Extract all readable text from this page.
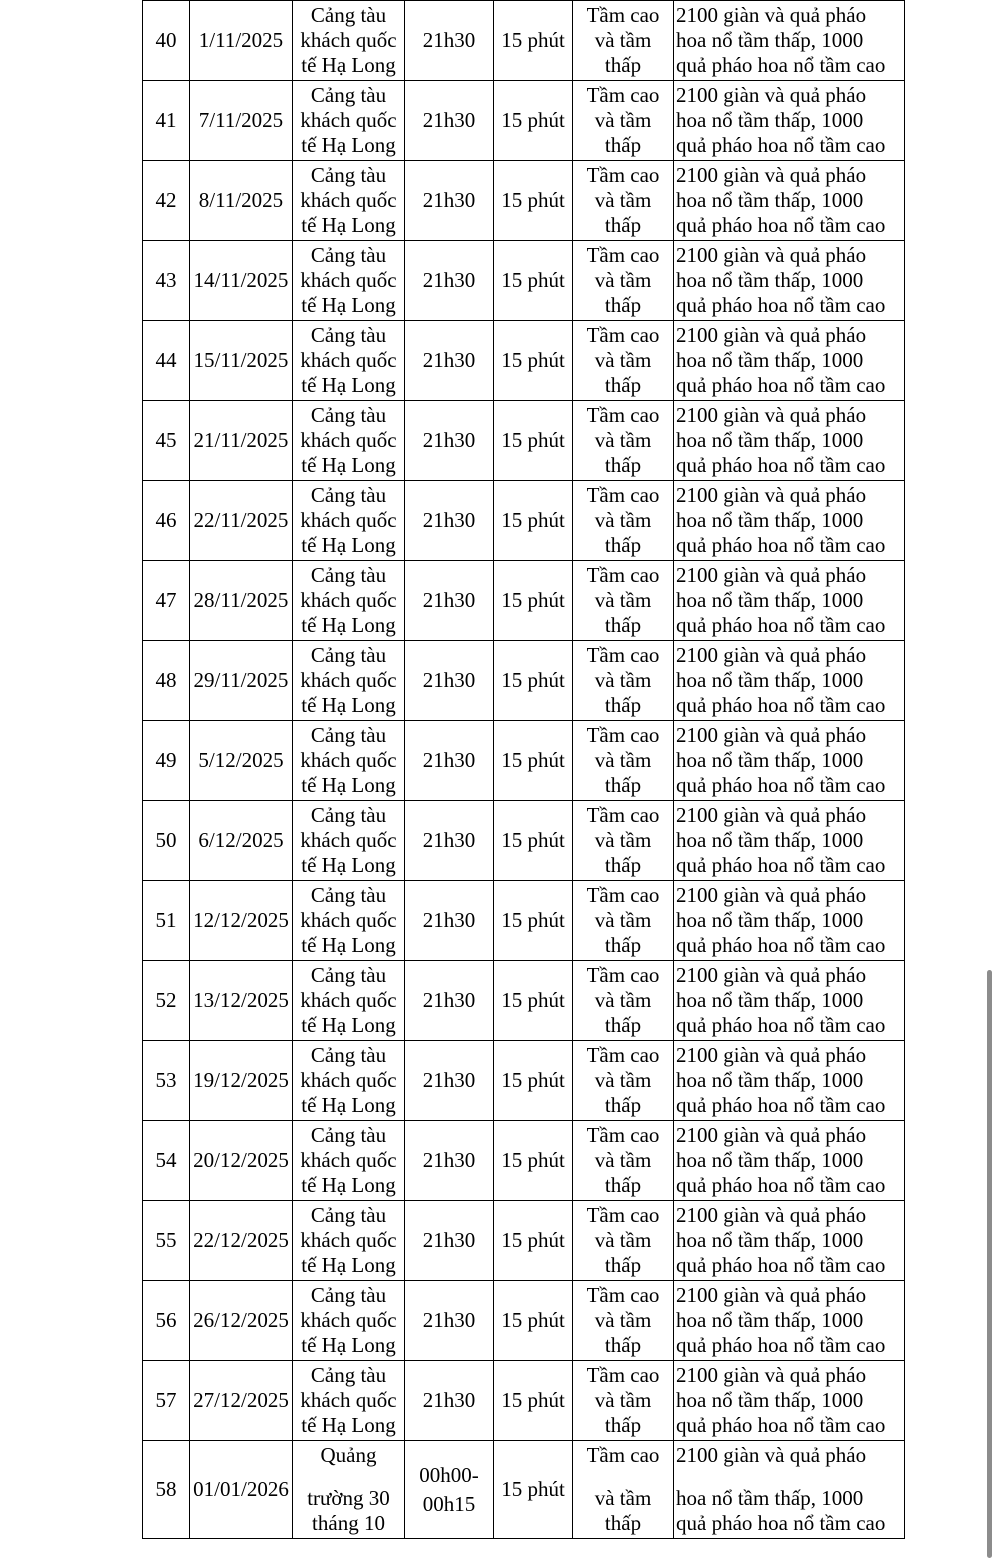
40	1/11/2025	Cảng tàu
khách quốc
tế Hạ Long	21h30	15 phút	Tầm cao
và tầm
thấp	2100 giàn và quả pháo
hoa nổ tầm thấp, 1000
quả pháo hoa nổ tầm cao

41	7/11/2025	Cảng tàu
khách quốc
tế Hạ Long	21h30	15 phút	Tầm cao
và tầm
thấp	2100 giàn và quả pháo
hoa nổ tầm thấp, 1000
quả pháo hoa nổ tầm cao

42	8/11/2025	Cảng tàu
khách quốc
tế Hạ Long	21h30	15 phút	Tầm cao
và tầm
thấp	2100 giàn và quả pháo
hoa nổ tầm thấp, 1000
quả pháo hoa nổ tầm cao

43	14/11/2025	Cảng tàu
khách quốc
tế Hạ Long	21h30	15 phút	Tầm cao
và tầm
thấp	2100 giàn và quả pháo
hoa nổ tầm thấp, 1000
quả pháo hoa nổ tầm cao

44	15/11/2025	Cảng tàu
khách quốc
tế Hạ Long	21h30	15 phút	Tầm cao
và tầm
thấp	2100 giàn và quả pháo
hoa nổ tầm thấp, 1000
quả pháo hoa nổ tầm cao

45	21/11/2025	Cảng tàu
khách quốc
tế Hạ Long	21h30	15 phút	Tầm cao
và tầm
thấp	2100 giàn và quả pháo
hoa nổ tầm thấp, 1000
quả pháo hoa nổ tầm cao

46	22/11/2025	Cảng tàu
khách quốc
tế Hạ Long	21h30	15 phút	Tầm cao
và tầm
thấp	2100 giàn và quả pháo
hoa nổ tầm thấp, 1000
quả pháo hoa nổ tầm cao

47	28/11/2025	Cảng tàu
khách quốc
tế Hạ Long	21h30	15 phút	Tầm cao
và tầm
thấp	2100 giàn và quả pháo
hoa nổ tầm thấp, 1000
quả pháo hoa nổ tầm cao

48	29/11/2025	Cảng tàu
khách quốc
tế Hạ Long	21h30	15 phút	Tầm cao
và tầm
thấp	2100 giàn và quả pháo
hoa nổ tầm thấp, 1000
quả pháo hoa nổ tầm cao

49	5/12/2025	Cảng tàu
khách quốc
tế Hạ Long	21h30	15 phút	Tầm cao
và tầm
thấp	2100 giàn và quả pháo
hoa nổ tầm thấp, 1000
quả pháo hoa nổ tầm cao

50	6/12/2025	Cảng tàu
khách quốc
tế Hạ Long	21h30	15 phút	Tầm cao
và tầm
thấp	2100 giàn và quả pháo
hoa nổ tầm thấp, 1000
quả pháo hoa nổ tầm cao

51	12/12/2025	Cảng tàu
khách quốc
tế Hạ Long	21h30	15 phút	Tầm cao
và tầm
thấp	2100 giàn và quả pháo
hoa nổ tầm thấp, 1000
quả pháo hoa nổ tầm cao

52	13/12/2025	Cảng tàu
khách quốc
tế Hạ Long	21h30	15 phút	Tầm cao
và tầm
thấp	2100 giàn và quả pháo
hoa nổ tầm thấp, 1000
quả pháo hoa nổ tầm cao

53	19/12/2025	Cảng tàu
khách quốc
tế Hạ Long	21h30	15 phút	Tầm cao
và tầm
thấp	2100 giàn và quả pháo
hoa nổ tầm thấp, 1000
quả pháo hoa nổ tầm cao

54	20/12/2025	Cảng tàu
khách quốc
tế Hạ Long	21h30	15 phút	Tầm cao
và tầm
thấp	2100 giàn và quả pháo
hoa nổ tầm thấp, 1000
quả pháo hoa nổ tầm cao

55	22/12/2025	Cảng tàu
khách quốc
tế Hạ Long	21h30	15 phút	Tầm cao
và tầm
thấp	2100 giàn và quả pháo
hoa nổ tầm thấp, 1000
quả pháo hoa nổ tầm cao

56	26/12/2025	Cảng tàu
khách quốc
tế Hạ Long	21h30	15 phút	Tầm cao
và tầm
thấp	2100 giàn và quả pháo
hoa nổ tầm thấp, 1000
quả pháo hoa nổ tầm cao

57	27/12/2025	Cảng tàu
khách quốc
tế Hạ Long	21h30	15 phút	Tầm cao
và tầm
thấp	2100 giàn và quả pháo
hoa nổ tầm thấp, 1000
quả pháo hoa nổ tầm cao

58	01/01/2026	Quảng
trường 30
tháng 10	00h00-
00h15	15 phút	Tầm cao
và tầm
thấp	2100 giàn và quả pháo
hoa nổ tầm thấp, 1000
quả pháo hoa nổ tầm cao
